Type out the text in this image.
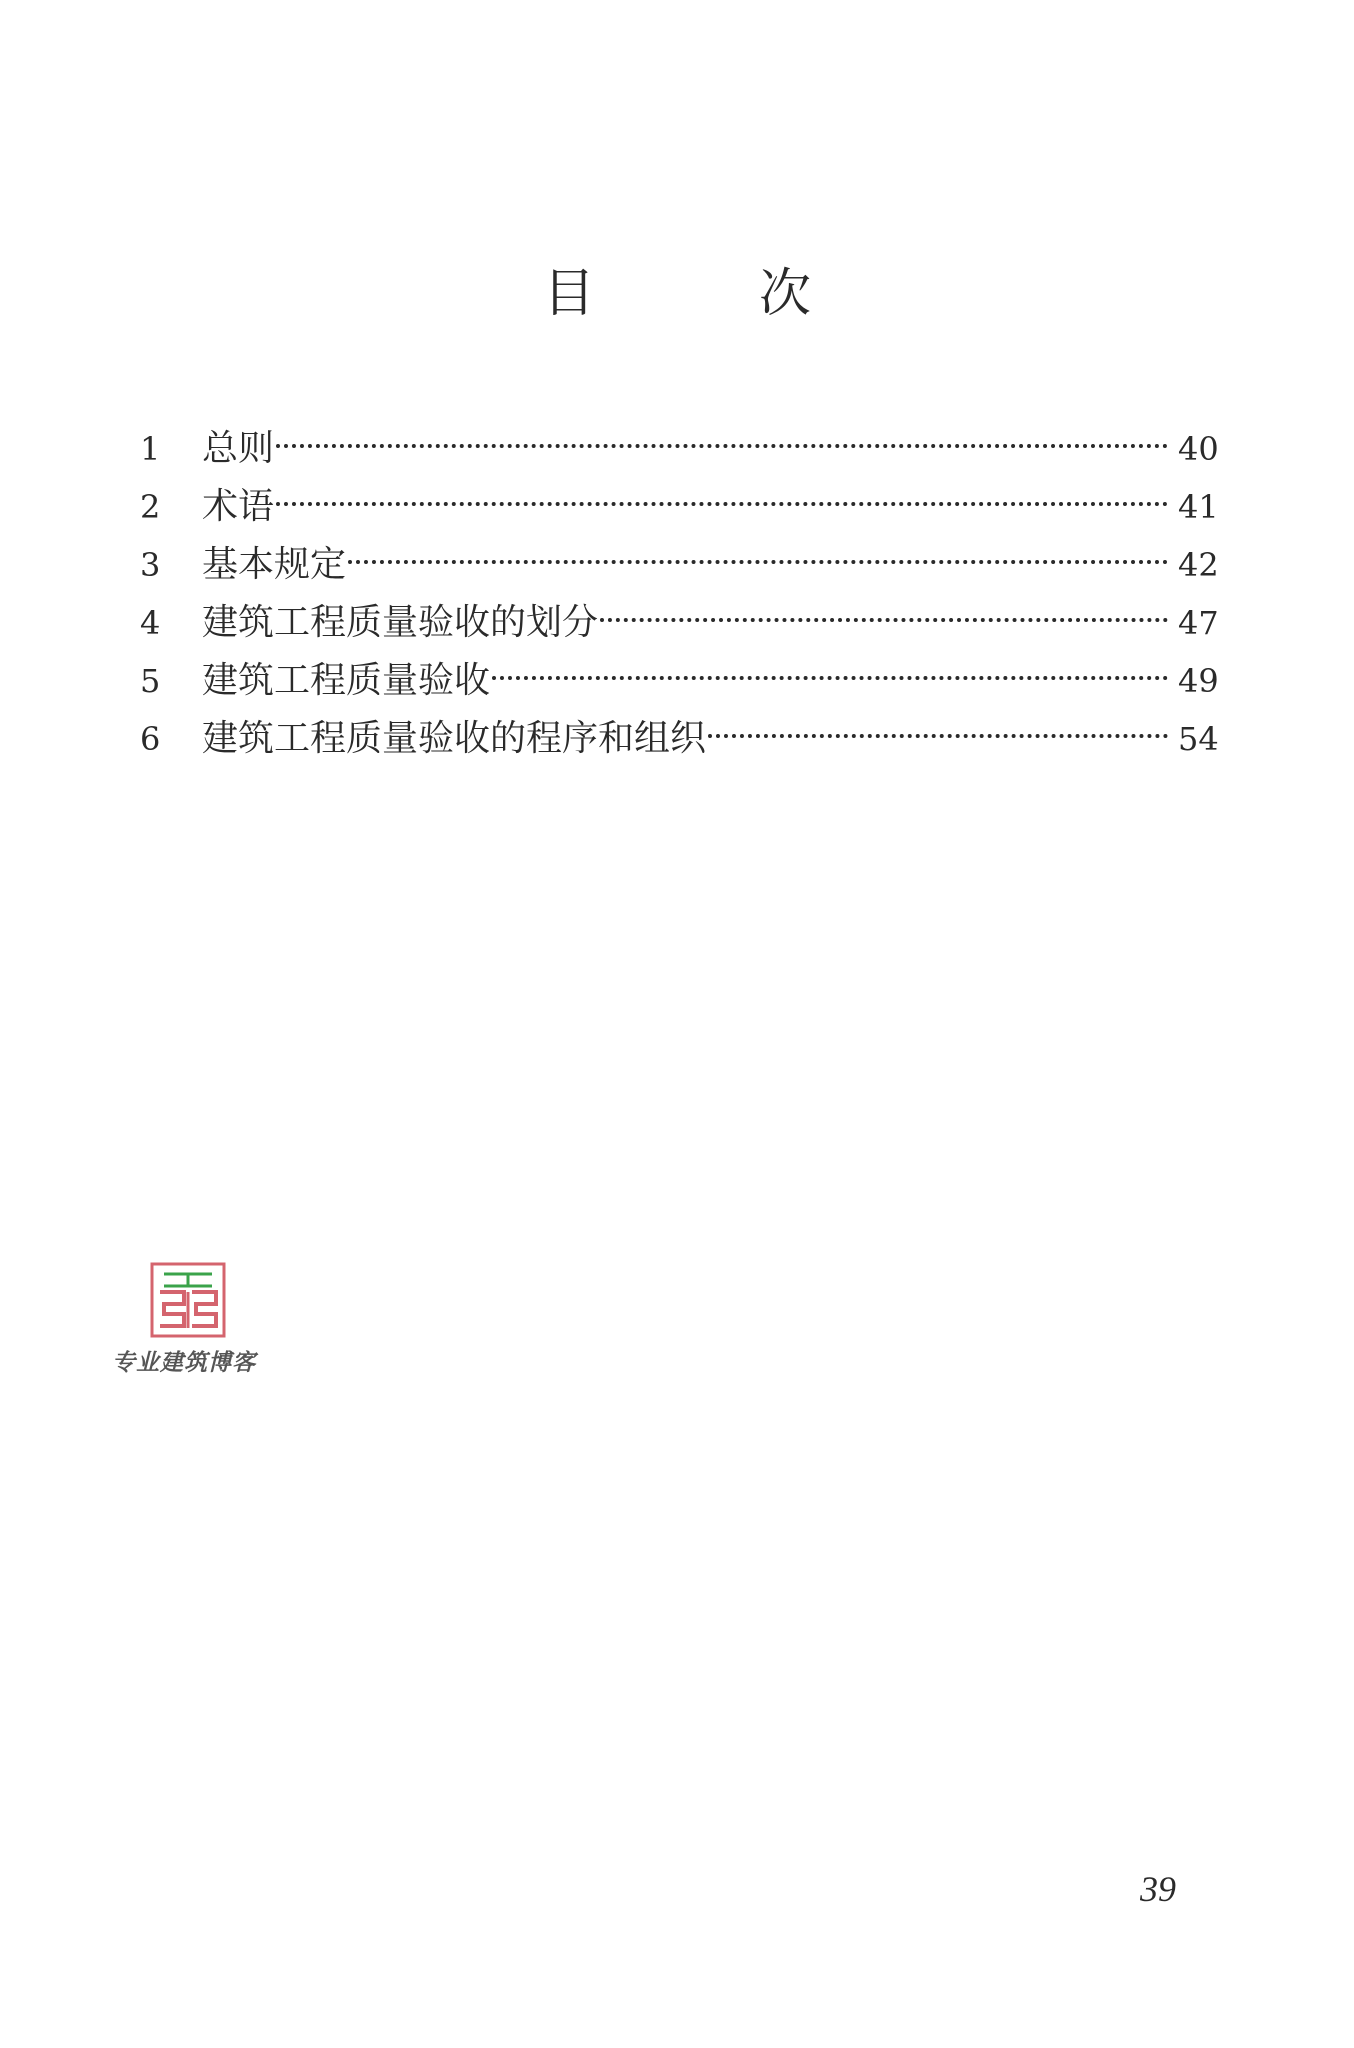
目　次
1	总则	40
2	术语	41
3	基本规定	42
4	建筑工程质量验收的划分	47
5	建筑工程质量验收	49
6	建筑工程质量验收的程序和组织	54
专业建筑博客
39
